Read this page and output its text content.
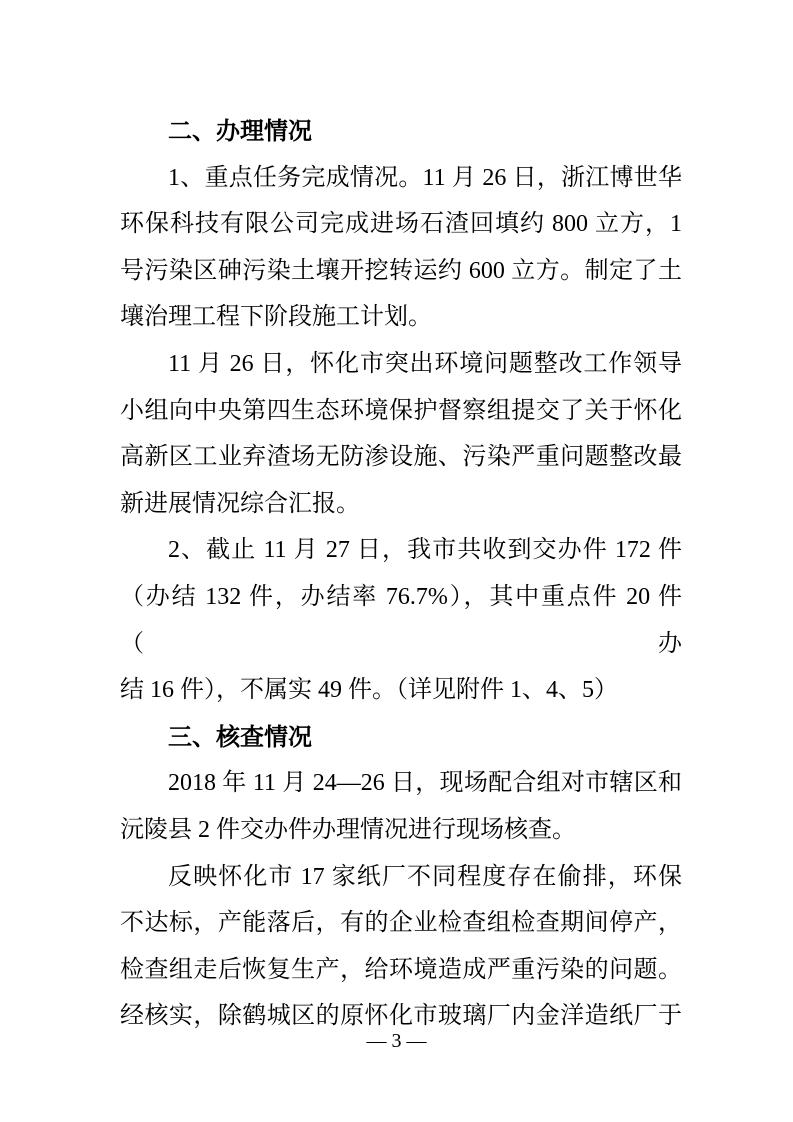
二、办理情况
1、重点任务完成情况。11 月 26 日，浙江博世华
环保科技有限公司完成进场石渣回填约 800 立方，1
号污染区砷污染土壤开挖转运约 600 立方。制定了土
壤治理工程下阶段施工计划。
11 月 26 日，怀化市突出环境问题整改工作领导
小组向中央第四生态环境保护督察组提交了关于怀化
高新区工业弃渣场无防渗设施、污染严重问题整改最
新进展情况综合汇报。
2、截止 11 月 27 日，我市共收到交办件 172 件
（办结 132 件，办结率 76.7%），其中重点件 20 件（办
结 16 件），不属实 49 件。（详见附件 1、4、5）
三、核查情况
2018 年 11 月 24—26 日，现场配合组对市辖区和
沅陵县 2 件交办件办理情况进行现场核查。
反映怀化市 17 家纸厂不同程度存在偷排，环保
不达标，产能落后，有的企业检查组检查期间停产，
检查组走后恢复生产，给环境造成严重污染的问题。
经核实，除鹤城区的原怀化市玻璃厂内金洋造纸厂于
— 3 —
